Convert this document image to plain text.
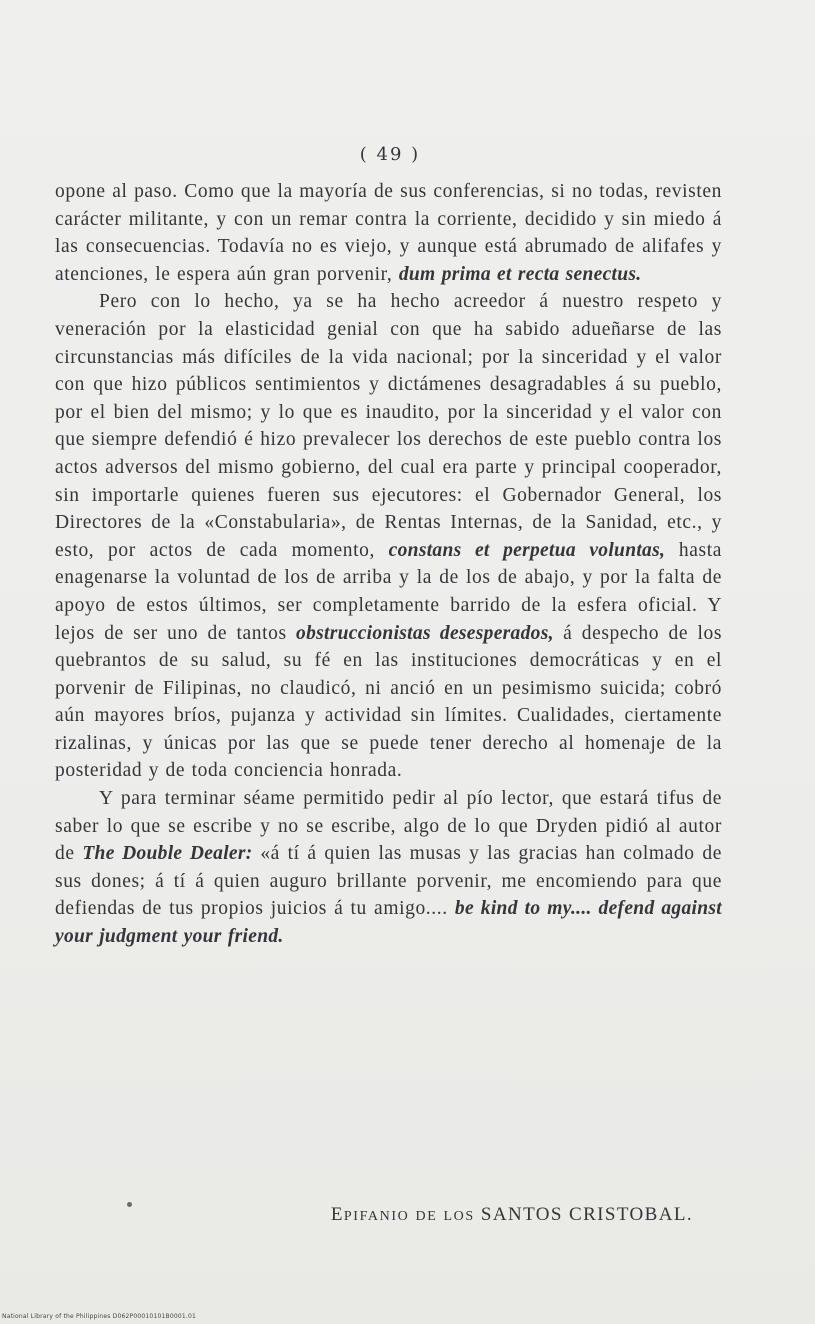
( 49 )

opone al paso. Como que la mayoría de sus conferencias, si no todas, revisten carácter militante, y con un remar contra la corriente, decidido y sin miedo á las consecuencias. Todavía no es viejo, y aunque está abrumado de alifafes y atenciones, le espera aún gran porvenir, dum prima et recta senectus.

Pero con lo hecho, ya se ha hecho acreedor á nuestro respeto y veneración por la elasticidad genial con que ha sabido adueñarse de las circunstancias más difíciles de la vida nacional; por la sinceridad y el valor con que hizo públicos sentimientos y dictámenes desagradables á su pueblo, por el bien del mismo; y lo que es inaudito, por la sinceridad y el valor con que siempre defendió é hizo prevalecer los derechos de este pueblo contra los actos adversos del mismo gobierno, del cual era parte y principal cooperador, sin importarle quienes fueren sus ejecutores: el Gobernador General, los Directores de la «Constabularia», de Rentas Internas, de la Sanidad, etc., y esto, por actos de cada momento, constans et perpetua voluntas, hasta enagenarse la voluntad de los de arriba y la de los de abajo, y por la falta de apoyo de estos últimos, ser completamente barrido de la esfera oficial. Y lejos de ser uno de tantos obstruccionistas desesperados, á despecho de los quebrantos de su salud, su fé en las instituciones democráticas y en el porvenir de Filipinas, no claudicó, ni anció en un pesimismo suicida; cobró aún mayores bríos, pujanza y actividad sin límites. Cualidades, ciertamente rizalinas, y únicas por las que se puede tener derecho al homenaje de la posteridad y de toda conciencia honrada.

Y para terminar séame permitido pedir al pío lector, que estará tifus de saber lo que se escribe y no se escribe, algo de lo que Dryden pidió al autor de The Double Dealer: «á tí á quien las musas y las gracias han colmado de sus dones; á tí á quien auguro brillante porvenir, me encomiendo para que defiendas de tus propios juicios á tu amigo.... be kind to my.... defend against your judgment your friend.

EPIFANIO DE LOS SANTOS CRISTOBAL.
National Library of the Philippines D062P00010101B0001.01
